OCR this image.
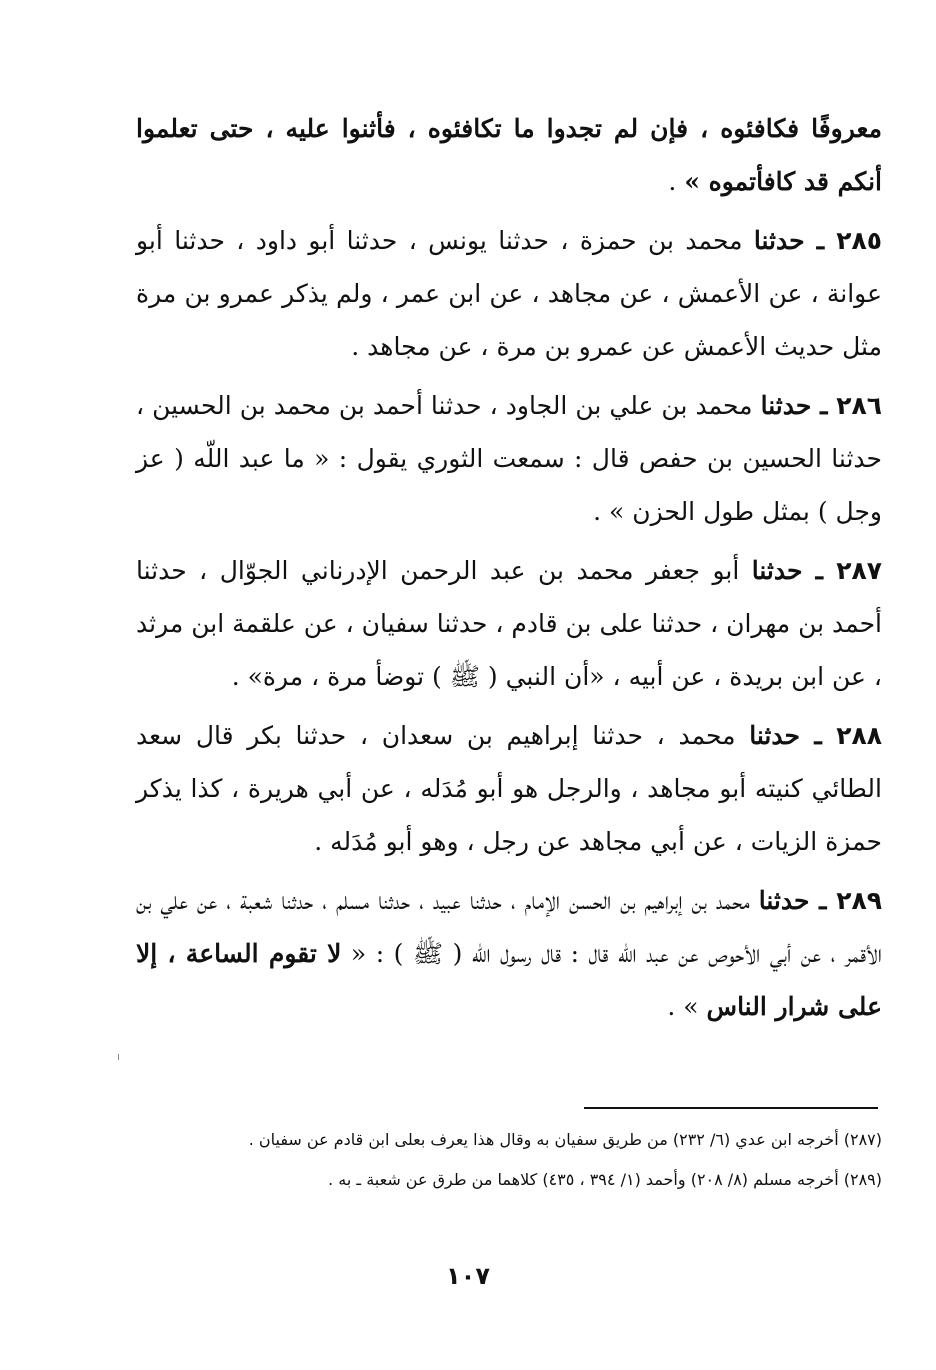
معروفًا فكافئوه ، فإن لم تجدوا ما تكافئوه ، فأثنوا عليه ، حتى تعلموا أنكم قد كافأتموه » .

٢٨٥ ـ حدثنا محمد بن حمزة ، حدثنا يونس ، حدثنا أبو داود ، حدثنا أبو عوانة ، عن الأعمش ، عن مجاهد ، عن ابن عمر ، ولم يذكر عمرو بن مرة مثل حديث الأعمش عن عمرو بن مرة ، عن مجاهد .

٢٨٦ ـ حدثنا محمد بن علي بن الجاود ، حدثنا أحمد بن محمد بن الحسين ، حدثنا الحسين بن حفص قال : سمعت الثوري يقول : « ما عبد اللّه ( عز وجل ) بمثل طول الحزن » .

٢٨٧ ـ حدثنا أبو جعفر محمد بن عبد الرحمن الإدرناني الجوّال ، حدثنا أحمد بن مهران ، حدثنا على بن قادم ، حدثنا سفيان ، عن علقمة ابن مرثد ، عن ابن بريدة ، عن أبيه ، «أن النبي ( ﷺ ) توضأ مرة ، مرة» .

٢٨٨ ـ حدثنا محمد ، حدثنا إبراهيم بن سعدان ، حدثنا بكر قال سعد الطائي كنيته أبو مجاهد ، والرجل هو أبو مُدَله ، عن أبي هريرة ، كذا يذكر حمزة الزيات ، عن أبي مجاهد عن رجل ، وهو أبو مُدَله .

٢٨٩ ـ حدثنا محمد بن إبراهيم بن الحسن الإمام ، حدثنا عبيد ، حدثنا مسلم ، حدثنا شعبة ، عن علي بن الأقمر ، عن أبي الأحوص عن عبد اللّه قال : قال رسول اللّه ( ﷺ ) : « لا تقوم الساعة ، إلا على شرار الناس » .

(٢٨٧) أخرجه ابن عدي (٦/ ٢٣٢) من طريق سفيان به وقال هذا يعرف بعلى ابن قادم عن سفيان .

(٢٨٩) أخرجه مسلم (٨/ ٢٠٨) وأحمد (١/ ٣٩٤ ، ٤٣٥) كلاهما من طرق عن شعبة ـ به .

١٠٧
